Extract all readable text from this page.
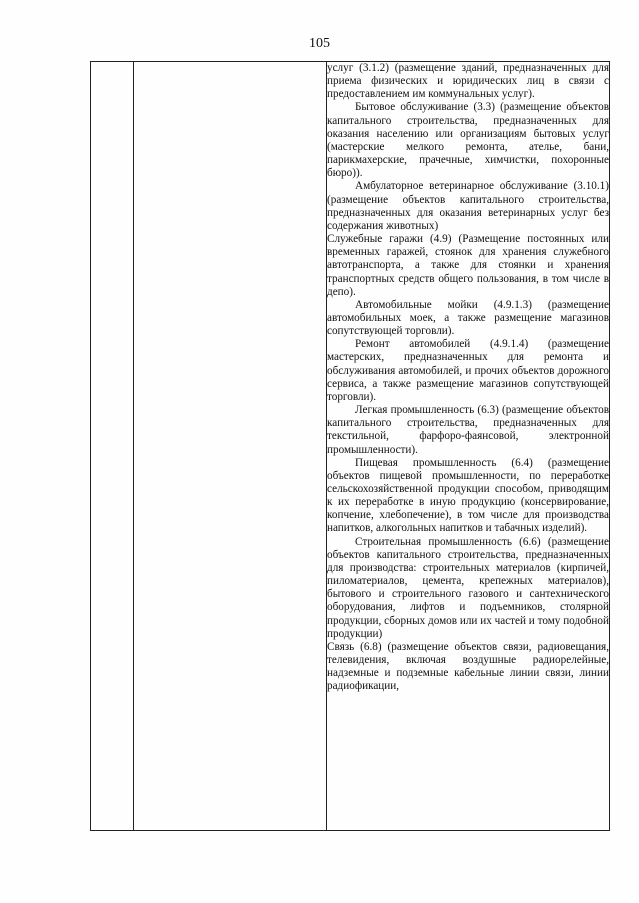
105

услуг (3.1.2) (размещение зданий, предназначенных для приема физических и юридических лиц в связи с предоставлением им коммунальных услуг).

Бытовое обслуживание (3.3) (размещение объектов капитального строительства, предназначенных для оказания населению или организациям бытовых услуг (мастерские мелкого ремонта, ателье, бани, парикмахерские, прачечные, химчистки, похоронные бюро)).

Амбулаторное ветеринарное обслуживание (3.10.1) (размещение объектов капитального строительства, предназначенных для оказания ветеринарных услуг без содержания животных)

Служебные гаражи (4.9) (Размещение постоянных или временных гаражей, стоянок для хранения служебного автотранспорта, а также для стоянки и хранения транспортных средств общего пользования, в том числе в депо).

Автомобильные мойки (4.9.1.3) (размещение автомобильных моек, а также размещение магазинов сопутствующей торговли).

Ремонт автомобилей (4.9.1.4) (размещение мастерских, предназначенных для ремонта и обслуживания автомобилей, и прочих объектов дорожного сервиса, а также размещение магазинов сопутствующей торговли).

Легкая промышленность (6.3) (размещение объектов капитального строительства, предназначенных для текстильной, фарфоро-фаянсовой, электронной промышленности).

Пищевая промышленность (6.4) (размещение объектов пищевой промышленности, по переработке сельскохозяйственной продукции способом, приводящим к их переработке в иную продукцию (консервирование, копчение, хлебопечение), в том числе для производства напитков, алкогольных напитков и табачных изделий).

Строительная промышленность (6.6) (размещение объектов капитального строительства, предназначенных для производства: строительных материалов (кирпичей, пиломатериалов, цемента, крепежных материалов), бытового и строительного газового и сантехнического оборудования, лифтов и подъемников, столярной продукции, сборных домов или их частей и тому подобной продукции)

Связь (6.8) (размещение объектов связи, радиовещания, телевидения, включая воздушные радиорелейные, надземные и подземные кабельные линии связи, линии радиофикации,
